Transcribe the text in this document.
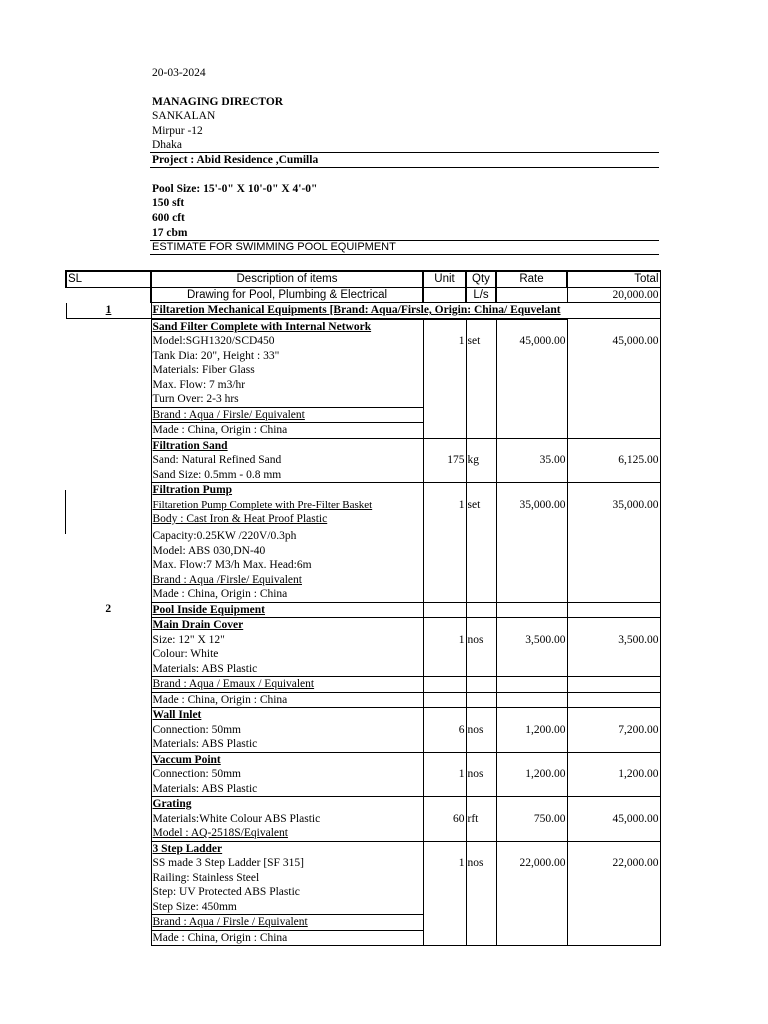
20-03-2024
MANAGING DIRECTOR
SANKALAN
Mirpur -12
Dhaka
Project : Abid Residence ,Cumilla
Pool Size: 15'-0" X 10'-0" X 4'-0"
150 sft
600 cft
17 cbm
ESTIMATE FOR SWIMMING POOL EQUIPMENT
SL	Description of items	Unit	Qty	Rate	Total
	Drawing for Pool, Plumbing & Electrical		L/s		20,000.00
1	Filtaretion Mechanical Equipments [Brand: Aqua/Firsle, Origin: China/ Equvelant				
	Sand Filter Complete with Internal Network				
	Model:SGH1320/SCD450	1	set	45,000.00	45,000.00
	Tank Dia: 20", Height : 33"				
	Materials: Fiber Glass				
	Max. Flow: 7 m3/hr				
	Turn Over: 2-3 hrs				
	Brand : Aqua / Firsle/ Equivalent				
	Made : China, Origin : China				
	Filtration Sand				
	Sand: Natural Refined Sand	175	kg	35.00	6,125.00
	Sand Size: 0.5mm - 0.8 mm				
	Filtration Pump				
	Filtaretion Pump Complete with Pre-Filter Basket	1	set	35,000.00	35,000.00
	Body : Cast Iron & Heat Proof Plastic				
	Capacity:0.25KW /220V/0.3ph				
	Model: ABS 030,DN-40				
	Max. Flow:7 M3/h Max. Head:6m				
	Brand : Aqua /Firsle/ Equivalent				
	Made : China, Origin : China				
2	Pool Inside Equipment				
	Main Drain Cover				
	Size: 12" X 12"	1	nos	3,500.00	3,500.00
	Colour: White				
	Materials: ABS Plastic				
	Brand : Aqua / Emaux / Equivalent				
	Made : China, Origin : China				
	Wall Inlet				
	Connection: 50mm	6	nos	1,200.00	7,200.00
	Materials: ABS Plastic				
	Vaccum Point				
	Connection: 50mm	1	nos	1,200.00	1,200.00
	Materials: ABS Plastic				
	Grating				
	Materials:White Colour ABS Plastic	60	rft	750.00	45,000.00
	Model : AQ-2518S/Eqivalent				
	3 Step Ladder				
	SS made 3 Step Ladder [SF 315]	1	nos	22,000.00	22,000.00
	Railing: Stainless Steel				
	Step: UV Protected ABS Plastic				
	Step Size: 450mm				
	Brand : Aqua / Firsle / Equivalent				
	Made : China, Origin : China				
